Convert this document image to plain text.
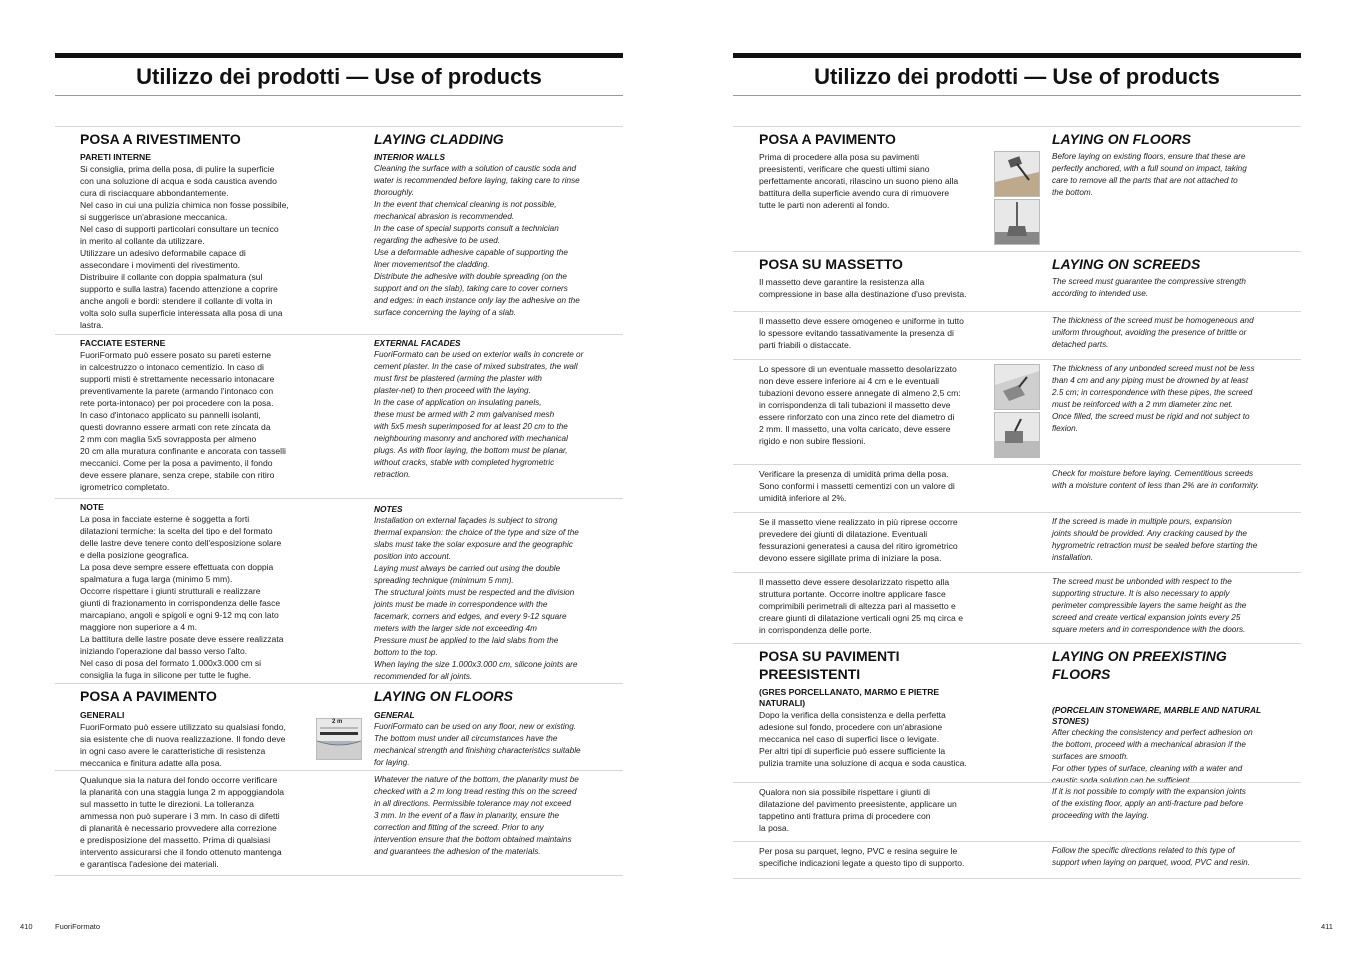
Utilizzo dei prodotti — Use of products
POSA A RIVESTIMENTO
PARETI INTERNE
Si consiglia, prima della posa, di pulire la superficie
con una soluzione di acqua e soda caustica avendo
cura di risciacquare abbondantemente.
Nel caso in cui una pulizia chimica non fosse possibile,
si suggerisce un'abrasione meccanica.
Nel caso di supporti particolari consultare un tecnico
in merito al collante da utilizzare.
Utilizzare un adesivo deformabile capace di
assecondare i movimenti del rivestimento.
Distribuire il collante con doppia spalmatura (sul
supporto e sulla lastra) facendo attenzione a coprire
anche angoli e bordi: stendere il collante di volta in
volta solo sulla superficie interessata alla posa di una
lastra.
LAYING CLADDING
INTERIOR WALLS
Cleaning the surface with a solution of caustic soda and
water is recommended before laying, taking care to rinse
thoroughly.
In the event that chemical cleaning is not possible,
mechanical abrasion is recommended.
In the case of special supports consult a technician
regarding the adhesive to be used.
Use a deformable adhesive capable of supporting the
liner movementsof the cladding.
Distribute the adhesive with double spreading (on the
support and on the slab), taking care to cover corners
and edges: in each instance only lay the adhesive on the
surface concerning the laying of a slab.
FACCIATE ESTERNE
FuoriFormato può essere posato su pareti esterne
in calcestruzzo o intonaco cementizio. In caso di
supporti misti è strettamente necessario intonacare
preventivamente la parete (armando l'intonaco con
rete porta-intonaco) per poi procedere con la posa.
In caso d'intonaco applicato su pannelli isolanti,
questi dovranno essere armati con rete zincata da
2 mm con maglia 5x5 sovrapposta per almeno
20 cm alla muratura confinante e ancorata con tasselli
meccanici. Come per la posa a pavimento, il fondo
deve essere planare, senza crepe, stabile con ritiro
igrometrico completato.
EXTERNAL FACADES
FuoriFormato can be used on exterior walls in concrete or
cement plaster. In the case of mixed substrates, the wall
must first be plastered (arming the plaster with
plaster-net) to then proceed with the laying.
In the case of application on insulating panels,
these must be armed with 2 mm galvanised mesh
with 5x5 mesh superimposed for at least 20 cm to the
neighbouring masonry and anchored with mechanical
plugs. As with floor laying, the bottom must be planar,
without cracks, stable with completed hygrometric
retraction.
NOTE
La posa in facciate esterne è soggetta a forti
dilatazioni termiche: la scelta del tipo e del formato
delle lastre deve tenere conto dell'esposizione solare
e della posizione geografica.
La posa deve sempre essere effettuata con doppia
spalmatura a fuga larga (minimo 5 mm).
Occorre rispettare i giunti strutturali e realizzare
giunti di frazionamento in corrispondenza delle fasce
marcapiano, angoli e spigoli e ogni 9-12 mq con lato
maggiore non superiore a 4 m.
La battitura delle lastre posate deve essere realizzata
iniziando l'operazione dal basso verso l'alto.
Nel caso di posa del formato 1.000x3.000 cm si
consiglia la fuga in silicone per tutte le fughe.
NOTES
Installation on external façades is subject to strong
thermal expansion: the choice of the type and size of the
slabs must take the solar exposure and the geographic
position into account.
Laying must always be carried out using the double
spreading technique (minimum 5 mm).
The structural joints must be respected and the division
joints must be made in correspondence with the
facemark, corners and edges, and every 9-12 square
meters with the larger side not exceeding 4m
Pressure must be applied to the laid slabs from the
bottom to the top.
When laying the size 1.000x3.000 cm, silicone joints are
recommended for all joints.
POSA A PAVIMENTO
GENERALI
FuoriFormato può essere utilizzato su qualsiasi fondo,
sia esistente che di nuova realizzazione. Il fondo deve
in ogni caso avere le caratteristiche di resistenza
meccanica e finitura adatte alla posa.
2 m
LAYING ON FLOORS
GENERAL
FuoriFormato can be used on any floor, new or existing.
The bottom must under all circumstances have the
mechanical strength and finishing characteristics suitable
for laying.
Qualunque sia la natura del fondo occorre verificare
la planarità con una staggia lunga 2 m appoggiandola
sul massetto in tutte le direzioni. La tolleranza
ammessa non può superare i 3 mm. In caso di difetti
di planarità è necessario provvedere alla correzione
e predisposizione del massetto. Prima di qualsiasi
intervento assicurarsi che il fondo ottenuto mantenga
e garantisca l'adesione dei materiali.
Whatever the nature of the bottom, the planarity must be
checked with a 2 m long tread resting this on the screed
in all directions. Permissible tolerance may not exceed
3 mm. In the event of a flaw in planarity, ensure the
correction and fitting of the screed. Prior to any
intervention ensure that the bottom obtained maintains
and guarantees the adhesion of the materials.
Utilizzo dei prodotti — Use of products
POSA A PAVIMENTO
Prima di procedere alla posa su pavimenti
preesistenti, verificare che questi ultimi siano
perfettamente ancorati, rilascino un suono pieno alla
battitura della superficie avendo cura di rimuovere
tutte le parti non aderenti al fondo.
LAYING ON FLOORS
Before laying on existing floors, ensure that these are
perfectly anchored, with a full sound on impact, taking
care to remove all the parts that are not attached to
the bottom.
POSA SU MASSETTO
Il massetto deve garantire la resistenza alla
compressione in base alla destinazione d'uso prevista.
LAYING ON SCREEDS
The screed must guarantee the compressive strength
according to intended use.
Il massetto deve essere omogeneo e uniforme in tutto
lo spessore evitando tassativamente la presenza di
parti friabili o distaccate.
The thickness of the screed must be homogeneous and
uniform throughout, avoiding the presence of brittle or
detached parts.
Lo spessore di un eventuale massetto desolarizzato
non deve essere inferiore ai 4 cm e le eventuali
tubazioni devono essere annegate di almeno 2,5 cm:
in corrispondenza di tali tubazioni il massetto deve
essere rinforzato con una zinco rete del diametro di
2 mm. Il massetto, una volta caricato, deve essere
rigido e non subire flessioni.
The thickness of any unbonded screed must not be less
than 4 cm and any piping must be drowned by at least
2.5 cm; in correspondence with these pipes, the screed
must be reinforced with a 2 mm diameter zinc net.
Once filled, the screed must be rigid and not subject to
flexion.
Verificare la presenza di umidità prima della posa.
Sono conformi i massetti cementizi con un valore di
umidità inferiore al 2%.
Check for moisture before laying. Cementitious screeds
with a moisture content of less than 2% are in conformity.
Se il massetto viene realizzato in più riprese occorre
prevedere dei giunti di dilatazione. Eventuali
fessurazioni generatesi a causa del ritiro igrometrico
devono essere sigillate prima di iniziare la posa.
If the screed is made in multiple pours, expansion
joints should be provided. Any cracking caused by the
hygrometric retraction must be sealed before starting the
installation.
Il massetto deve essere desolarizzato rispetto alla
struttura portante. Occorre inoltre applicare fasce
comprimibili perimetrali di altezza pari al massetto e
creare giunti di dilatazione verticali ogni 25 mq circa e
in corrispondenza delle porte.
The screed must be unbonded with respect to the
supporting structure. It is also necessary to apply
perimeter compressible layers the same height as the
screed and create vertical expansion joints every 25
square meters and in correspondence with the doors.
POSA SU PAVIMENTI
PREESISTENTI
(GRES PORCELLANATO, MARMO E PIETRE
NATURALI)
Dopo la verifica della consistenza e della perfetta
adesione sul fondo, procedere con un'abrasione
meccanica nel caso di superfici lisce o levigate.
Per altri tipi di superficie può essere sufficiente la
pulizia tramite una soluzione di acqua e soda caustica.
LAYING ON PREEXISTING FLOORS
(PORCELAIN STONEWARE, MARBLE AND NATURAL
STONES)
After checking the consistency and perfect adhesion on
the bottom, proceed with a mechanical abrasion if the
surfaces are smooth.
For other types of surface, cleaning with a water and
caustic soda solution can be sufficient.
Qualora non sia possibile rispettare i giunti di
dilatazione del pavimento preesistente, applicare un
tappetino anti frattura prima di procedere con
la posa.
If it is not possible to comply with the expansion joints
of the existing floor, apply an anti-fracture pad before
proceeding with the laying.
Per posa su parquet, legno, PVC e resina seguire le
specifiche indicazioni legate a questo tipo di supporto.
Follow the specific directions related to this type of
support when laying on parquet, wood, PVC and resin.
410	FuoriFormato	411
